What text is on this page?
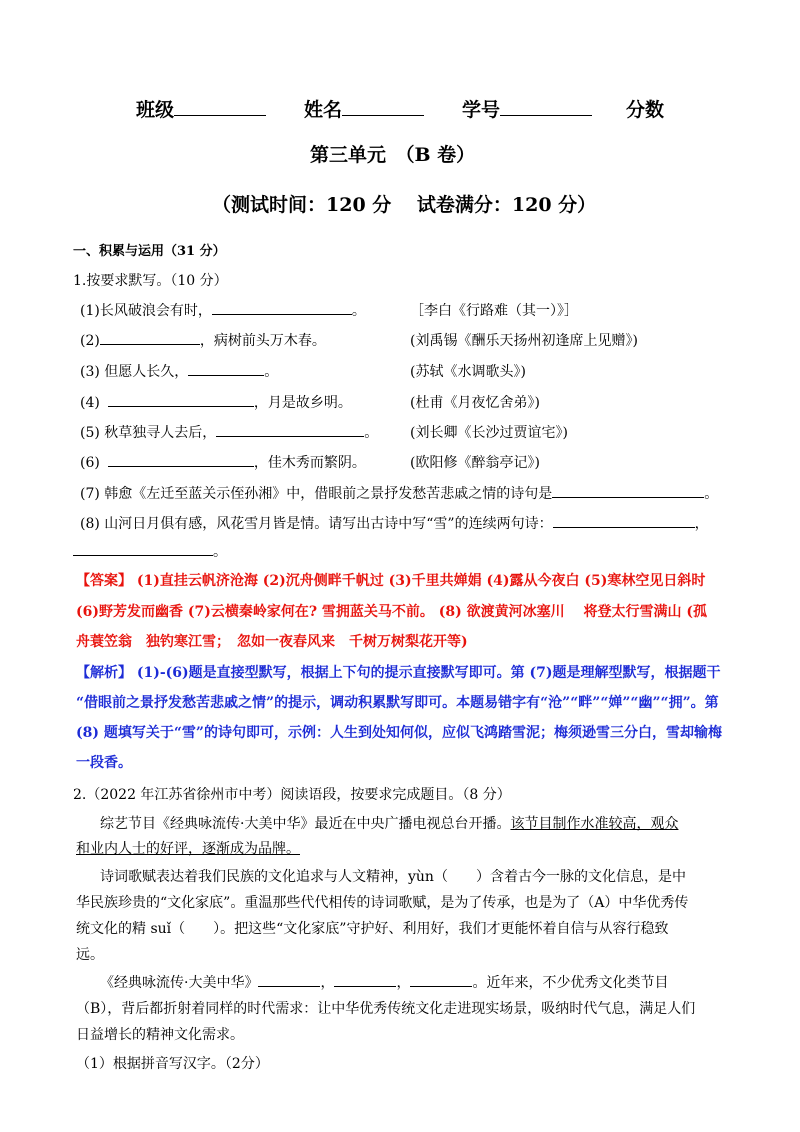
班级	姓名	学号	分数
第三单元　（B 卷）
（测试时间：120 分　 试卷满分：120 分）
一、积累与运用（31 分）
1.按要求默写。（10 分）
(1)长风破浪会有时，	。	［李白《行路难（其一）》］
(2)	，病树前头万木春。	(刘禹锡《酬乐天扬州初逢席上见赠》)
(3) 但愿人长久，	。	(苏轼《水调歌头》)
(4)	，月是故乡明。	(杜甫《月夜忆舍弟》)
(5) 秋草独寻人去后，	。 (刘长卿《长沙过贾谊宅》)
(6)	，佳木秀而繁阴。	(欧阳修《醉翁亭记》)
(7) 韩愈《左迁至蓝关示侄孙湘》中，借眼前之景抒发愁苦悲戚之情的诗句是	。
(8) 山河日月俱有感，风花雪月皆是情。请写出古诗中写“雪”的连续两句诗：	，
。
【答案】 (1)直挂云帆济沧海 (2)沉舟侧畔千帆过 (3)千里共婵娟 (4)露从今夜白 (5)寒林空见日斜时
(6)野芳发而幽香 (7)云横秦岭家何在? 雪拥蓝关马不前。 (8) 欲渡黄河冰塞川　 将登太行雪满山 (孤
舟蓑笠翁　独钓寒江雪；　忽如一夜春风来　千树万树梨花开等)
【解析】 (1)-(6)题是直接型默写，根据上下句的提示直接默写即可。第 (7)题是理解型默写，根据题干
“借眼前之景抒发愁苦悲戚之情”的提示，调动积累默写即可。本题易错字有“沧”“畔”“婵”“幽”“拥”。第
(8) 题填写关于“雪”的诗句即可，示例：人生到处知何似，应似飞鸿踏雪泥；梅须逊雪三分白，雪却输梅
一段香。
2.（2022 年江苏省徐州市中考）阅读语段，按要求完成题目。（8 分）
综艺节目《经典咏流传·大美中华》最近在中央广播电视总台开播。该节目制作水准较高，观众
和业内人士的好评，逐渐成为品牌。
诗词歌赋表达着我们民族的文化追求与人文精神，yùn（　　）含着古今一脉的文化信息，是中
华民族珍贵的“文化家底”。重温那些代代相传的诗词歌赋，是为了传承，也是为了（A）中华优秀传
统文化的精 suǐ（　　）。把这些“文化家底”守护好、利用好，我们才更能怀着自信与从容行稳致
远。
《经典咏流传·大美中华》	，	，	。近年来，不少优秀文化类节目
（B），背后都折射着同样的时代需求：让中华优秀传统文化走进现实场景，吸纳时代气息，满足人们
日益增长的精神文化需求。
（1）根据拼音写汉字。（2分）
